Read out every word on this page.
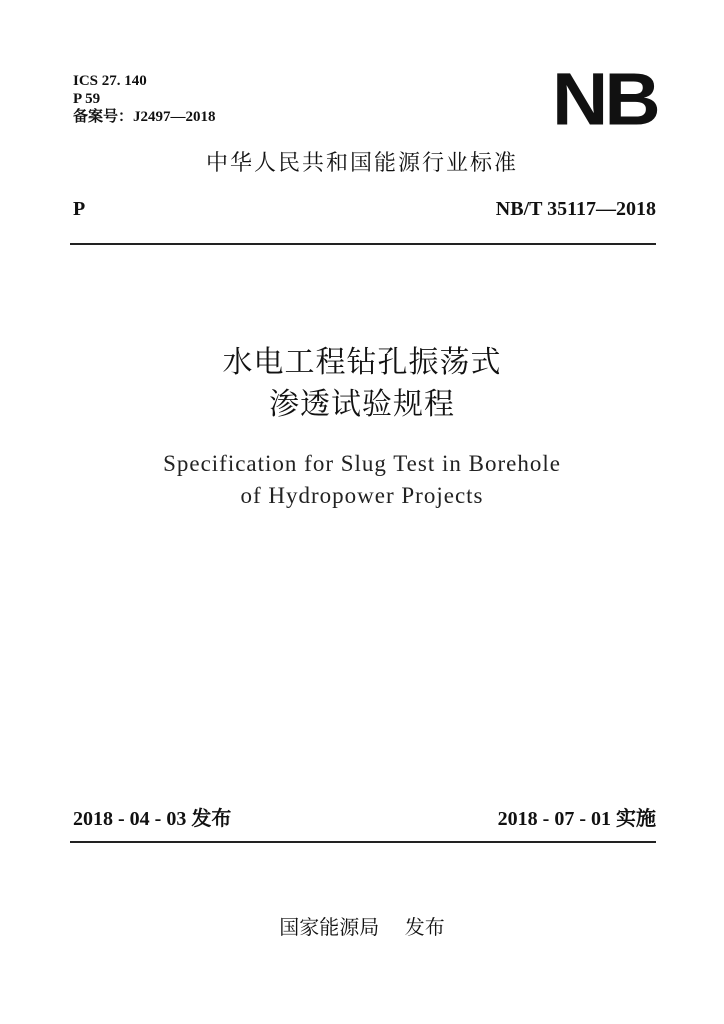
ICS 27. 140
P 59
备案号：J2497—2018	NB
中华人民共和国能源行业标准
P	NB/T 35117—2018
水电工程钻孔振荡式
渗透试验规程
Specification for Slug Test in Borehole
of Hydropower Projects
2018 - 04 - 03 发布	2018 - 07 - 01 实施
国家能源局    发布
